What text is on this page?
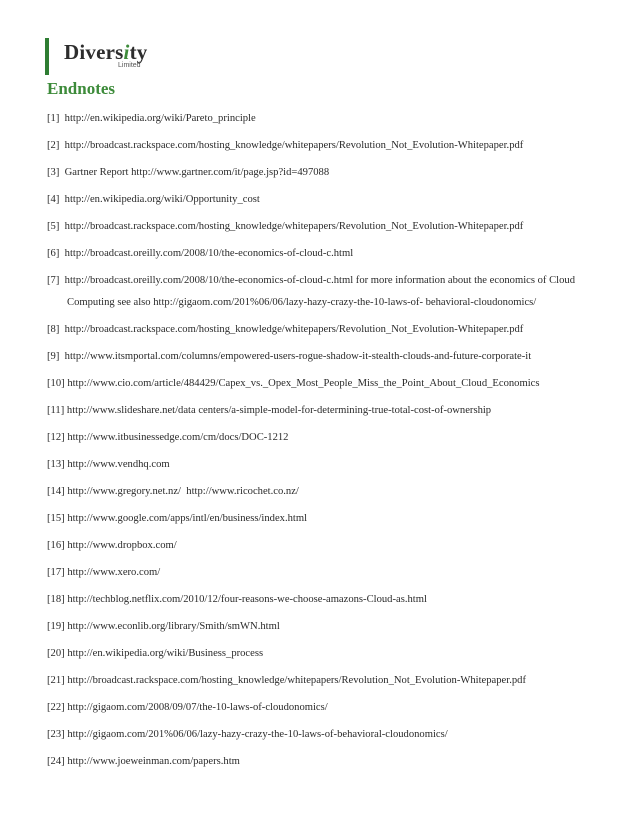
Diversity
Limited
Endnotes
[1] http://en.wikipedia.org/wiki/Pareto_principle
[2] http://broadcast.rackspace.com/hosting_knowledge/whitepapers/Revolution_Not_Evolution-Whitepaper.pdf
[3] Gartner Report http://www.gartner.com/it/page.jsp?id=497088
[4] http://en.wikipedia.org/wiki/Opportunity_cost
[5] http://broadcast.rackspace.com/hosting_knowledge/whitepapers/Revolution_Not_Evolution-Whitepaper.pdf
[6] http://broadcast.oreilly.com/2008/10/the-economics-of-cloud-c.html
[7] http://broadcast.oreilly.com/2008/10/the-economics-of-cloud-c.html for more information about the economics of Cloud
Computing see also http://gigaom.com/201%06/06/lazy-hazy-crazy-the-10-laws-of- behavioral-cloudonomics/
[8] http://broadcast.rackspace.com/hosting_knowledge/whitepapers/Revolution_Not_Evolution-Whitepaper.pdf
[9] http://www.itsmportal.com/columns/empowered-users-rogue-shadow-it-stealth-clouds-and-future-corporate-it
[10] http://www.cio.com/article/484429/Capex_vs._Opex_Most_People_Miss_the_Point_About_Cloud_Economics
[11] http://www.slideshare.net/data centers/a-simple-model-for-determining-true-total-cost-of-ownership
[12] http://www.itbusinessedge.com/cm/docs/DOC-1212
[13] http://www.vendhq.com
[14] http://www.gregory.net.nz/  http://www.ricochet.co.nz/
[15] http://www.google.com/apps/intl/en/business/index.html
[16] http://www.dropbox.com/
[17] http://www.xero.com/
[18] http://techblog.netflix.com/2010/12/four-reasons-we-choose-amazons-Cloud-as.html
[19] http://www.econlib.org/library/Smith/smWN.html
[20] http://en.wikipedia.org/wiki/Business_process
[21] http://broadcast.rackspace.com/hosting_knowledge/whitepapers/Revolution_Not_Evolution-Whitepaper.pdf
[22] http://gigaom.com/2008/09/07/the-10-laws-of-cloudonomics/
[23] http://gigaom.com/201%06/06/lazy-hazy-crazy-the-10-laws-of-behavioral-cloudonomics/
[24] http://www.joeweinman.com/papers.htm
